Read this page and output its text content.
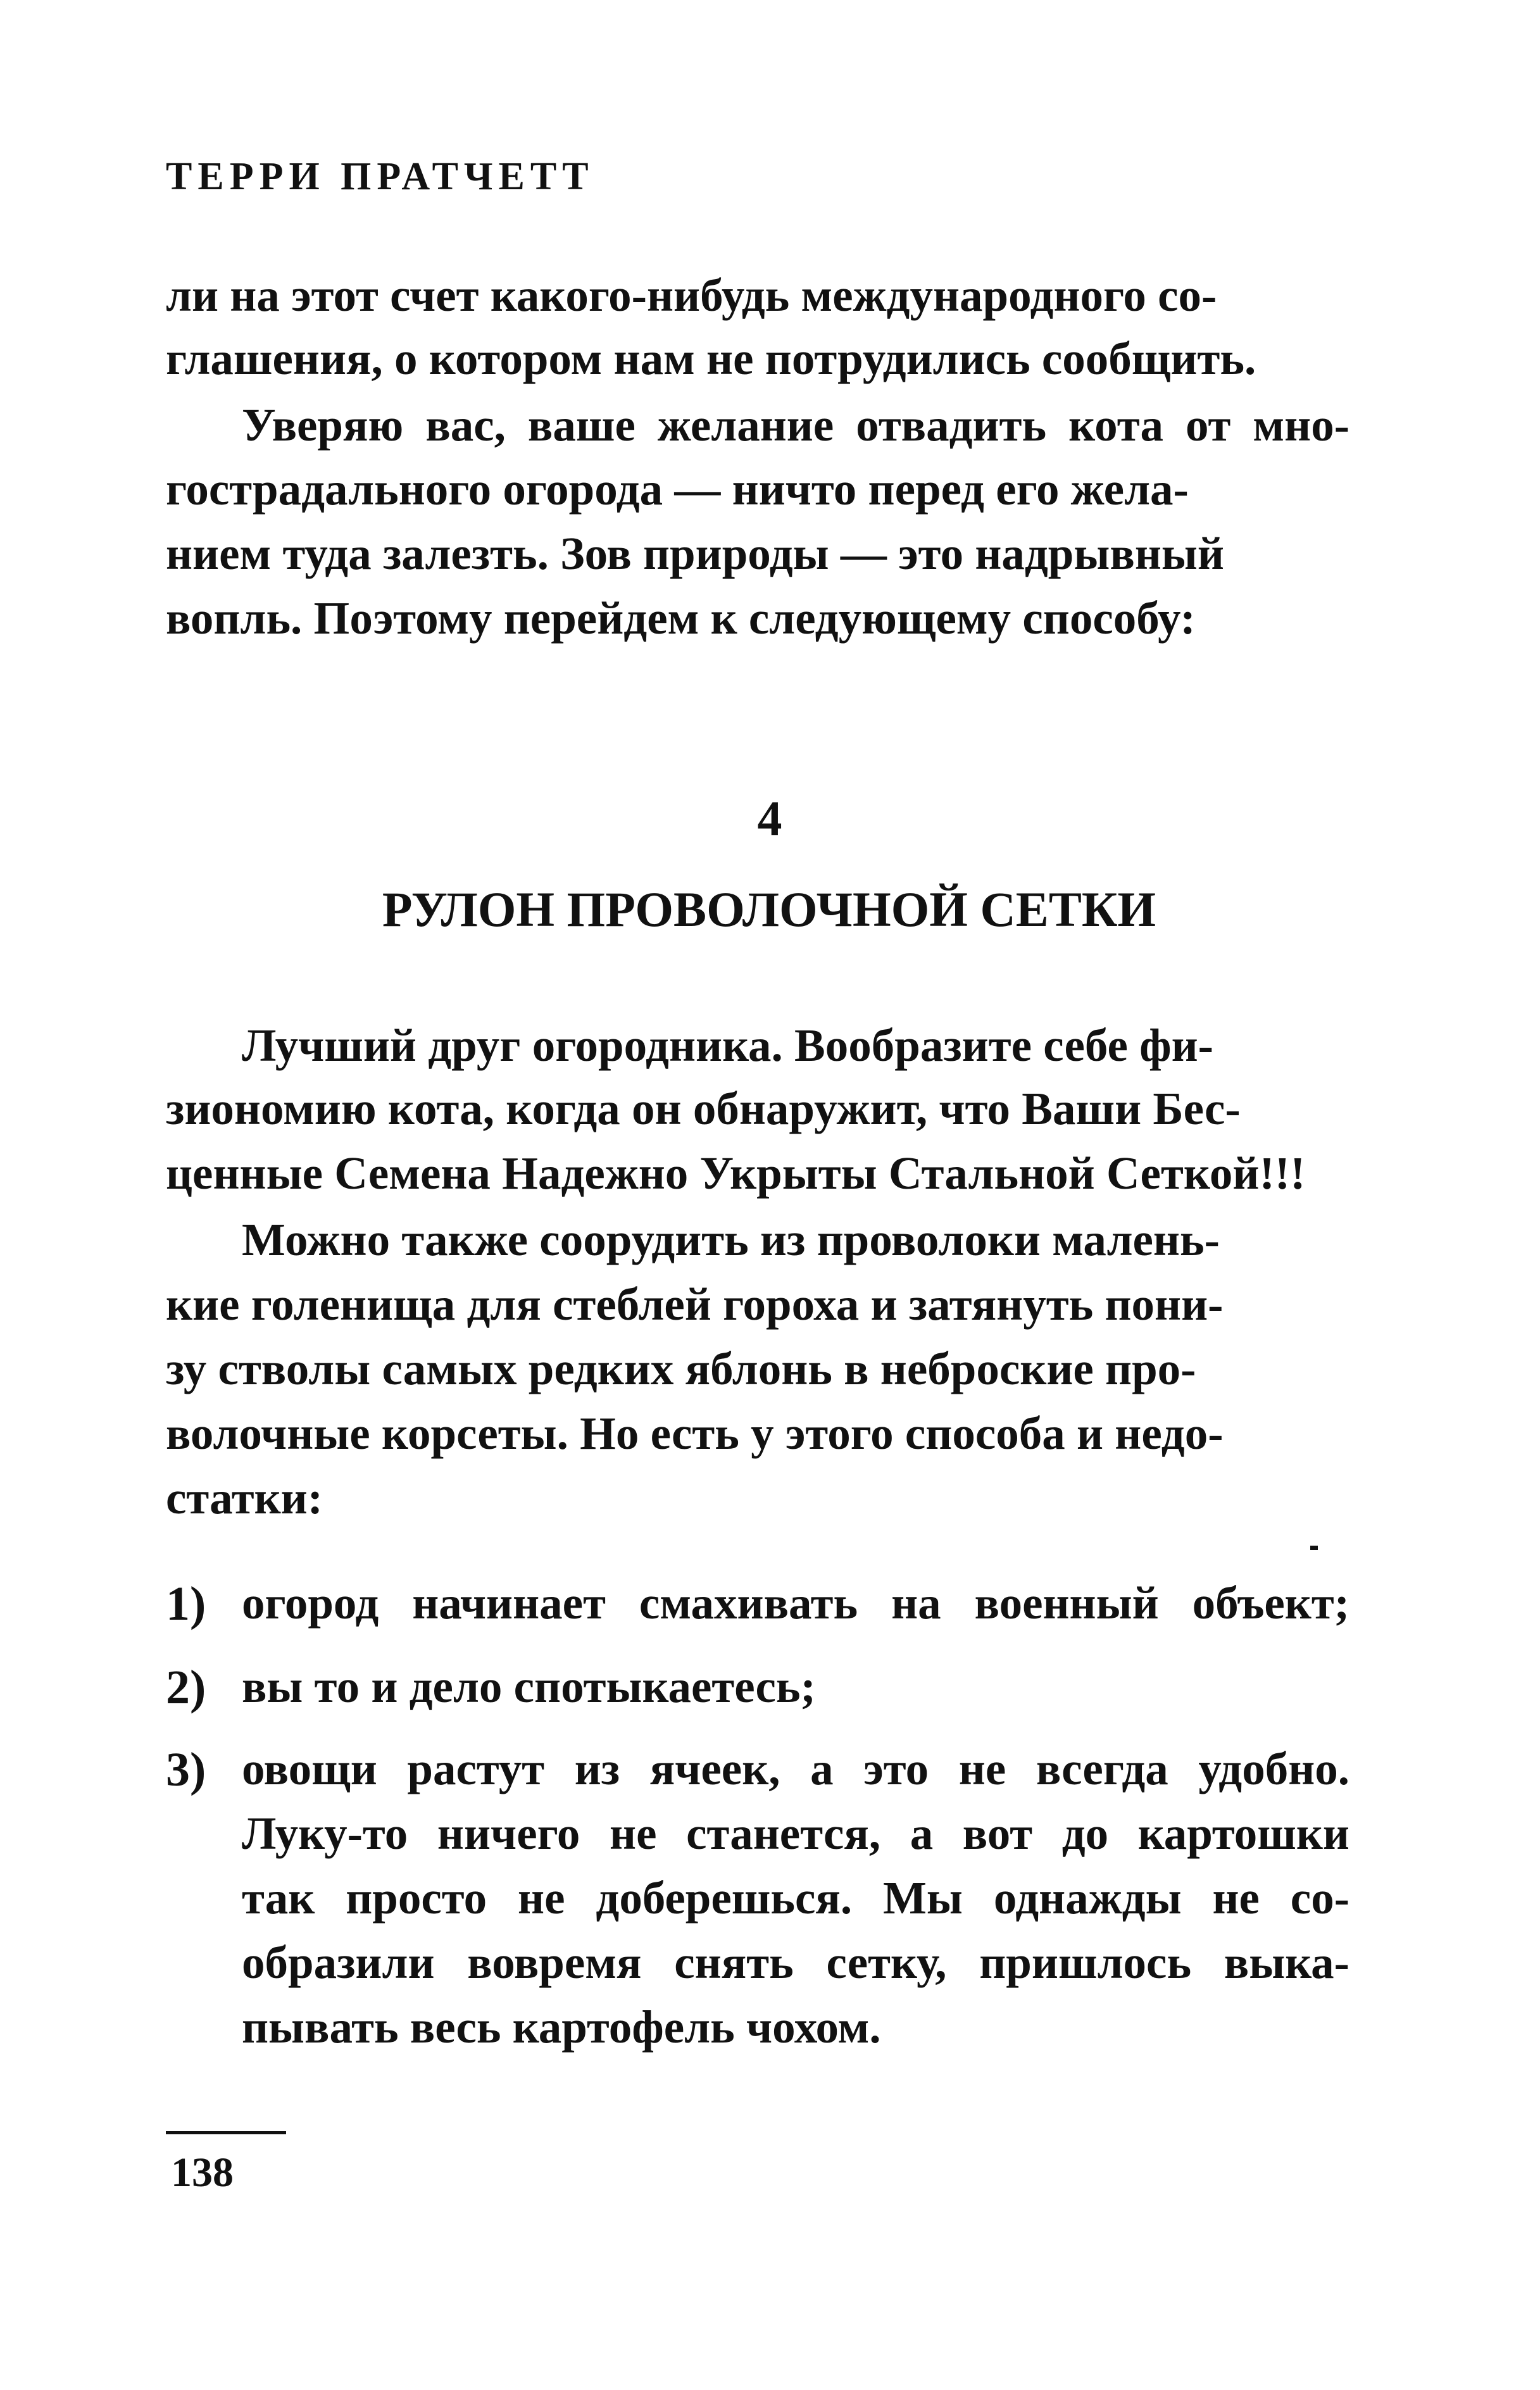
ТЕРРИ ПРАТЧЕТТ
ли на этот счет какого-нибудь международного со-
глашения, о котором нам не потрудились сообщить.
Уверяю вас, ваше желание отвадить кота от мно-
гострадального огорода — ничто перед его жела-
нием туда залезть. Зов природы — это надрывный
вопль. Поэтому перейдем к следующему способу:
4
РУЛОН ПРОВОЛОЧНОЙ СЕТКИ
Лучший друг огородника. Вообразите себе фи-
зиономию кота, когда он обнаружит, что Ваши Бес-
ценные Семена Надежно Укрыты Стальной Сеткой!!!
Можно также соорудить из проволоки малень-
кие голенища для стеблей гороха и затянуть пони-
зу стволы самых редких яблонь в неброские про-
волочные корсеты. Но есть у этого способа и недо-
статки:
1) огород начинает смахивать на военный объект;
2) вы то и дело спотыкаетесь;
3) овощи растут из ячеек, а это не всегда удобно.
Луку-то ничего не станется, а вот до картошки
так просто не доберешься. Мы однажды не со-
образили вовремя снять сетку, пришлось выка-
пывать весь картофель чохом.
138
